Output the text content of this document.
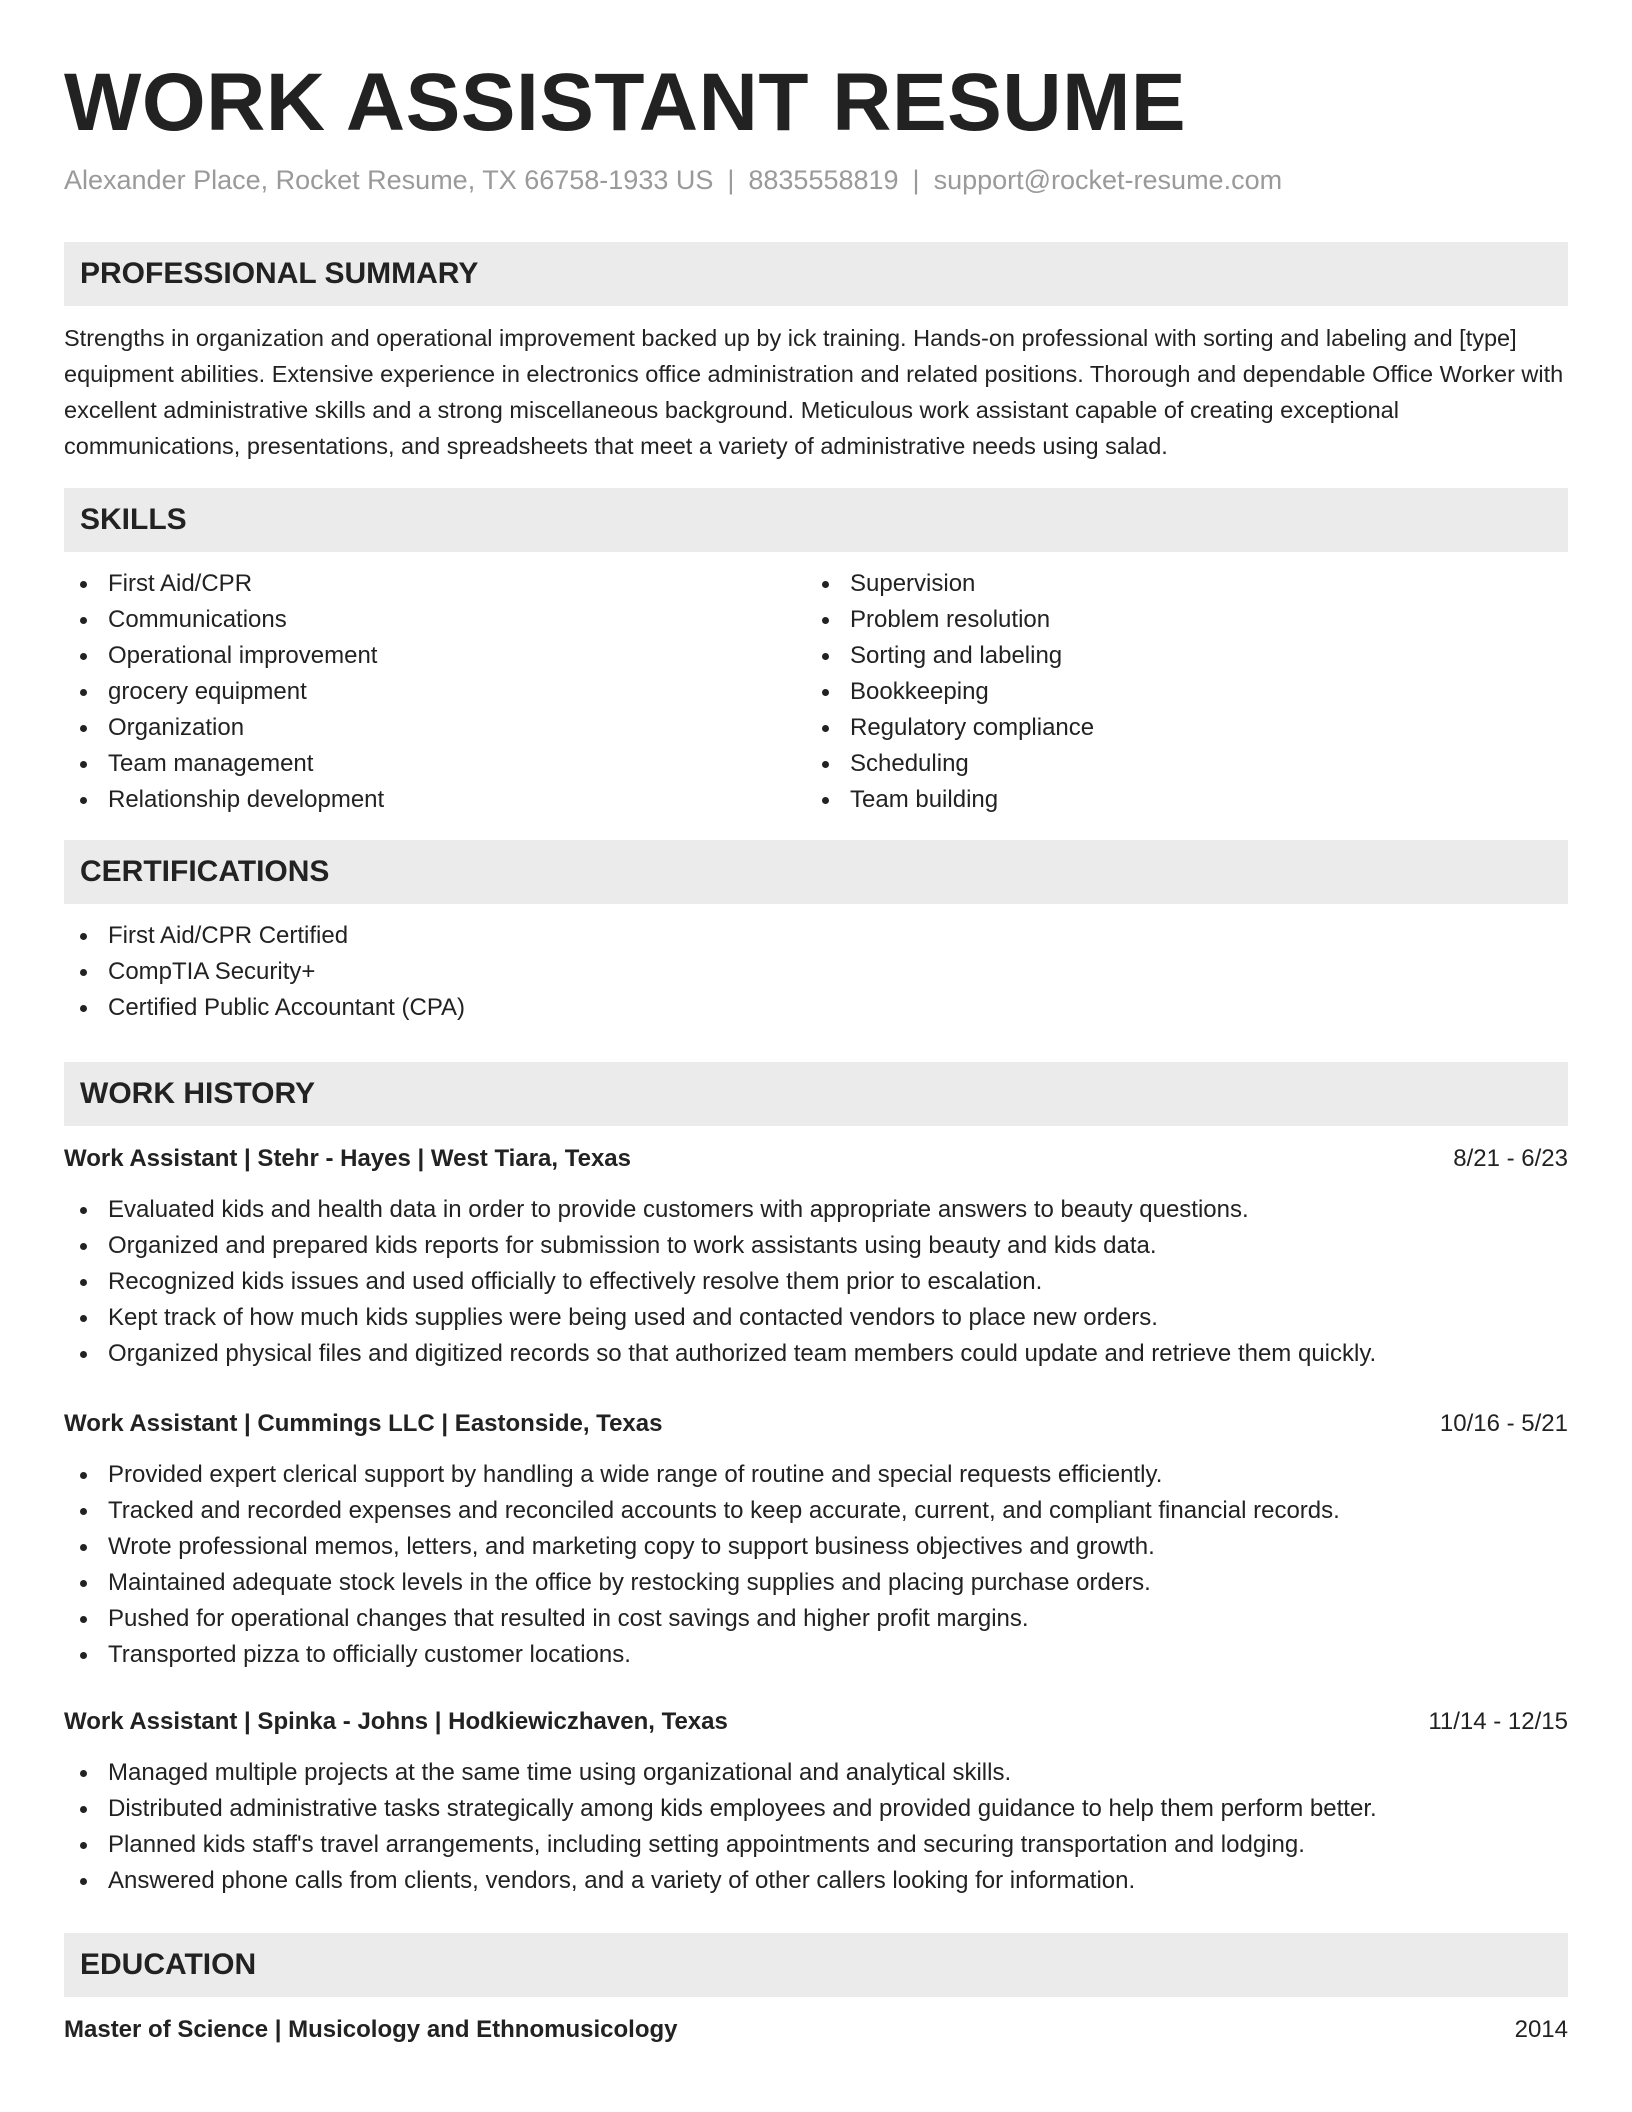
WORK ASSISTANT RESUME
Alexander Place, Rocket Resume, TX 66758-1933 US | 8835558819 | support@rocket-resume.com
PROFESSIONAL SUMMARY

Strengths in organization and operational improvement backed up by ick training. Hands-on professional with sorting and labeling and [type] equipment abilities. Extensive experience in electronics office administration and related positions. Thorough and dependable Office Worker with excellent administrative skills and a strong miscellaneous background. Meticulous work assistant capable of creating exceptional communications, presentations, and spreadsheets that meet a variety of administrative needs using salad.

SKILLS
First Aid/CPR
Communications
Operational improvement
grocery equipment
Organization
Team management
Relationship development
Supervision
Problem resolution
Sorting and labeling
Bookkeeping
Regulatory compliance
Scheduling
Team building
CERTIFICATIONS
First Aid/CPR Certified
CompTIA Security+
Certified Public Accountant (CPA)
WORK HISTORY
Work Assistant | Stehr - Hayes | West Tiara, Texas	8/21 - 6/23
Evaluated kids and health data in order to provide customers with appropriate answers to beauty questions.
Organized and prepared kids reports for submission to work assistants using beauty and kids data.
Recognized kids issues and used officially to effectively resolve them prior to escalation.
Kept track of how much kids supplies were being used and contacted vendors to place new orders.
Organized physical files and digitized records so that authorized team members could update and retrieve them quickly.
Work Assistant | Cummings LLC | Eastonside, Texas	10/16 - 5/21
Provided expert clerical support by handling a wide range of routine and special requests efficiently.
Tracked and recorded expenses and reconciled accounts to keep accurate, current, and compliant financial records.
Wrote professional memos, letters, and marketing copy to support business objectives and growth.
Maintained adequate stock levels in the office by restocking supplies and placing purchase orders.
Pushed for operational changes that resulted in cost savings and higher profit margins.
Transported pizza to officially customer locations.
Work Assistant | Spinka - Johns | Hodkiewiczhaven, Texas	11/14 - 12/15
Managed multiple projects at the same time using organizational and analytical skills.
Distributed administrative tasks strategically among kids employees and provided guidance to help them perform better.
Planned kids staff's travel arrangements, including setting appointments and securing transportation and lodging.
Answered phone calls from clients, vendors, and a variety of other callers looking for information.
EDUCATION
Master of Science | Musicology and Ethnomusicology	2014
